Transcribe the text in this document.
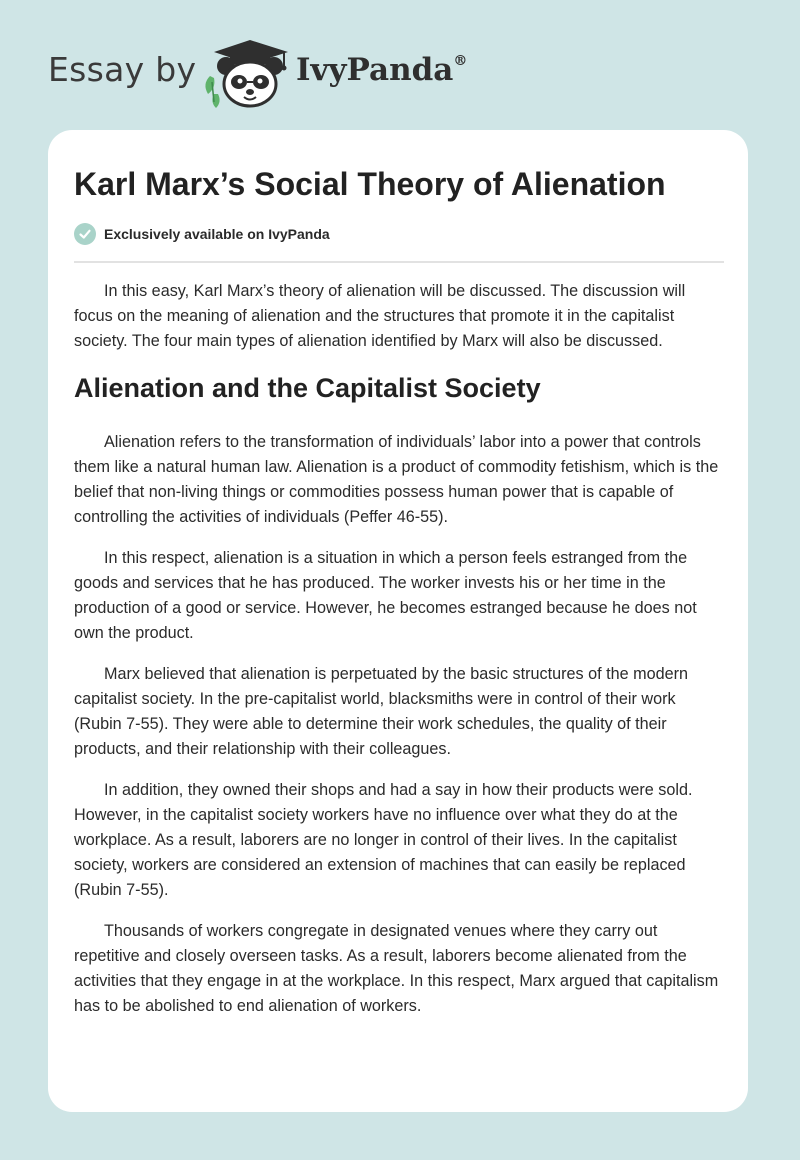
Essay by	IvyPanda®
Karl Marx’s Social Theory of Alienation
Exclusively available on IvyPanda

In this easy, Karl Marx’s theory of alienation will be discussed. The discussion will focus on the meaning of alienation and the structures that promote it in the capitalist society. The four main types of alienation identified by Marx will also be discussed.

Alienation and the Capitalist Society

Alienation refers to the transformation of individuals’ labor into a power that controls them like a natural human law. Alienation is a product of commodity fetishism, which is the belief that non-living things or commodities possess human power that is capable of controlling the activities of individuals (Peffer 46-55).

In this respect, alienation is a situation in which a person feels estranged from the goods and services that he has produced. The worker invests his or her time in the production of a good or service. However, he becomes estranged because he does not own the product.

Marx believed that alienation is perpetuated by the basic structures of the modern capitalist society. In the pre-capitalist world, blacksmiths were in control of their work (Rubin 7-55). They were able to determine their work schedules, the quality of their products, and their relationship with their colleagues.

In addition, they owned their shops and had a say in how their products were sold. However, in the capitalist society workers have no influence over what they do at the workplace. As a result, laborers are no longer in control of their lives. In the capitalist society, workers are considered an extension of machines that can easily be replaced (Rubin 7-55).

Thousands of workers congregate in designated venues where they carry out repetitive and closely overseen tasks. As a result, laborers become alienated from the activities that they engage in at the workplace. In this respect, Marx argued that capitalism has to be abolished to end alienation of workers.
